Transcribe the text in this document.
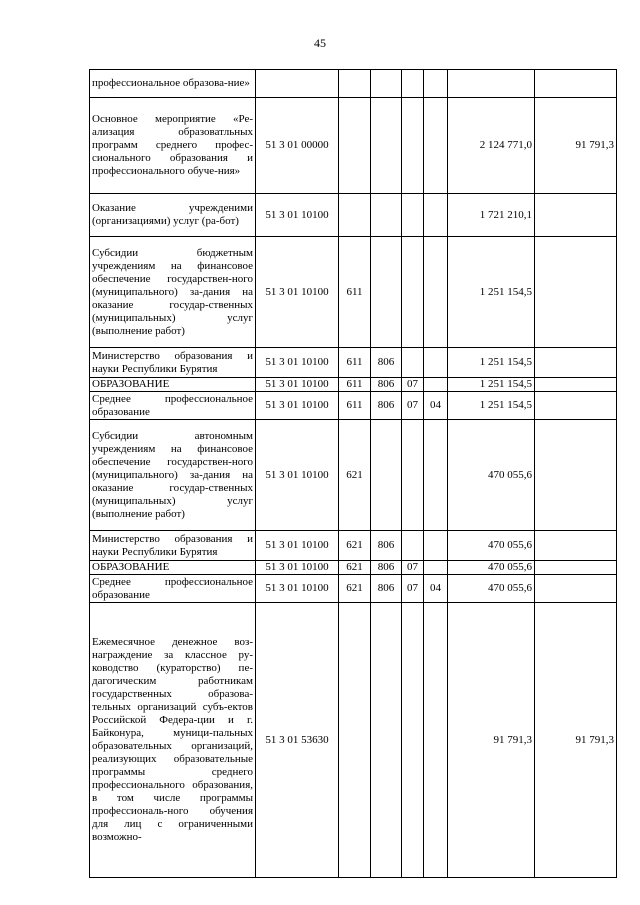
45
профессиональное образова-ние»							
Основное мероприятие «Ре-ализация образоватльных программ среднего профес-сионального образования и профессионального обуче-ния»	51 3 01 00000					2 124 771,0	91 791,3
Оказание учрежденими (организациями) услуг (ра-бот)	51 3 01 10100					1 721 210,1	
Субсидии бюджетным учреждениям на финансовое обеспечение государствен-ного (муниципального) за-дания на оказание государ-ственных (муниципальных) услуг (выполнение работ)	51 3 01 10100	611				1 251 154,5	
Министерство образования и науки Республики Бурятия	51 3 01 10100	611	806			1 251 154,5	
ОБРАЗОВАНИЕ	51 3 01 10100	611	806	07		1 251 154,5	
Среднее профессиональное образование	51 3 01 10100	611	806	07	04	1 251 154,5	
Субсидии автономным учреждениям на финансовое обеспечение государствен-ного (муниципального) за-дания на оказание государ-ственных (муниципальных) услуг (выполнение работ)	51 3 01 10100	621				470 055,6	
Министерство образования и науки Республики Бурятия	51 3 01 10100	621	806			470 055,6	
ОБРАЗОВАНИЕ	51 3 01 10100	621	806	07		470 055,6	
Среднее профессиональное образование	51 3 01 10100	621	806	07	04	470 055,6	
Ежемесячное денежное воз-награждение за классное ру-ководство (кураторство) пе-дагогическим работникам государственных образова-тельных организаций субъ-ектов Российской Федера-ции и г. Байконура, муници-пальных образовательных организаций, реализующих образовательные программы среднего профессионального образования, в том числе программы профессиональ-ного обучения для лиц с ограниченными возможно-	51 3 01 53630					91 791,3	91 791,3
